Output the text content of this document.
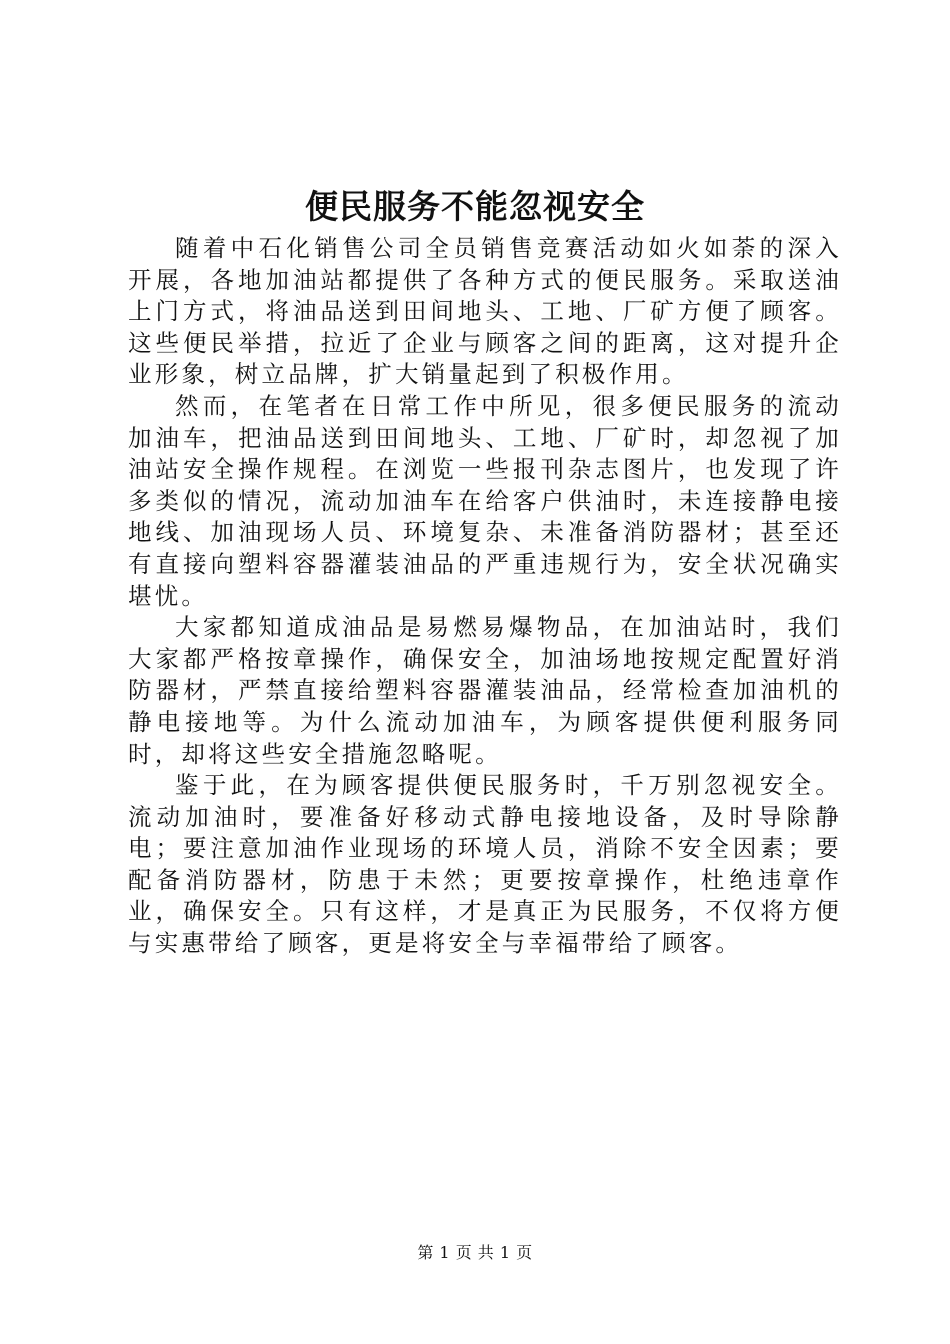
便民服务不能忽视安全

随着中石化销售公司全员销售竞赛活动如火如荼的深入开展，各地加油站都提供了各种方式的便民服务。采取送油上门方式，将油品送到田间地头、工地、厂矿方便了顾客。这些便民举措，拉近了企业与顾客之间的距离，这对提升企业形象，树立品牌，扩大销量起到了积极作用。

然而，在笔者在日常工作中所见，很多便民服务的流动加油车，把油品送到田间地头、工地、厂矿时，却忽视了加油站安全操作规程。在浏览一些报刊杂志图片，也发现了许多类似的情况，流动加油车在给客户供油时，未连接静电接地线、加油现场人员、环境复杂、未准备消防器材；甚至还有直接向塑料容器灌装油品的严重违规行为，安全状况确实堪忧。

大家都知道成油品是易燃易爆物品，在加油站时，我们大家都严格按章操作，确保安全，加油场地按规定配置好消防器材，严禁直接给塑料容器灌装油品，经常检查加油机的静电接地等。为什么流动加油车，为顾客提供便利服务同时，却将这些安全措施忽略呢。

鉴于此，在为顾客提供便民服务时，千万别忽视安全。流动加油时，要准备好移动式静电接地设备，及时导除静电；要注意加油作业现场的环境人员，消除不安全因素；要配备消防器材，防患于未然；更要按章操作，杜绝违章作业，确保安全。只有这样，才是真正为民服务，不仅将方便与实惠带给了顾客，更是将安全与幸福带给了顾客。

第 1 页 共 1 页
